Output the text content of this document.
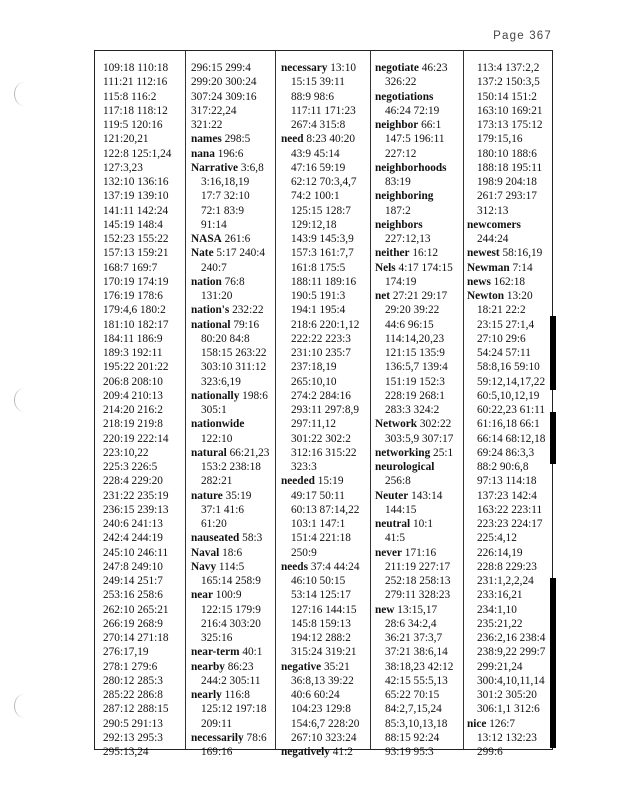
Page 367
109:18 110:18
111:21 112:16
115:8 116:2
117:18 118:12
119:5 120:16
121:20,21
122:8 125:1,24
127:3,23
132:10 136:16
137:19 139:10
141:11 142:24
145:19 148:4
152:23 155:22
157:13 159:21
168:7 169:7
170:19 174:19
176:19 178:6
179:4,6 180:2
181:10 182:17
184:11 186:9
189:3 192:11
195:22 201:22
206:8 208:10
209:4 210:13
214:20 216:2
218:19 219:8
220:19 222:14
223:10,22
225:3 226:5
228:4 229:20
231:22 235:19
236:15 239:13
240:6 241:13
242:4 244:19
245:10 246:11
247:8 249:10
249:14 251:7
253:16 258:6
262:10 265:21
266:19 268:9
270:14 271:18
276:17,19
278:1 279:6
280:12 285:3
285:22 286:8
287:12 288:15
290:5 291:13
292:13 295:3
295:13,24
296:15 299:4
299:20 300:24
307:24 309:16
317:22,24
321:22
names 298:5
nana 196:6
Narrative 3:6,8
3:16,18,19
17:7 32:10
72:1 83:9
91:14
NASA 261:6
Nate 5:17 240:4
240:7
nation 76:8
131:20
nation's 232:22
national 79:16
80:20 84:8
158:15 263:22
303:10 311:12
323:6,19
nationally 198:6
305:1
nationwide
122:10
natural 66:21,23
153:2 238:18
282:21
nature 35:19
37:1 41:6
61:20
nauseated 58:3
Naval 18:6
Navy 114:5
165:14 258:9
near 100:9
122:15 179:9
216:4 303:20
325:16
near-term 40:1
nearby 86:23
244:2 305:11
nearly 116:8
125:12 197:18
209:11
necessarily 78:6
169:16
necessary 13:10
15:15 39:11
88:9 98:6
117:11 171:23
267:4 315:8
need 8:23 40:20
43:9 45:14
47:16 59:19
62:12 70:3,4,7
74:2 100:1
125:15 128:7
129:12,18
143:9 145:3,9
157:3 161:7,7
161:8 175:5
188:11 189:16
190:5 191:3
194:1 195:4
218:6 220:1,12
222:22 223:3
231:10 235:7
237:18,19
265:10,10
274:2 284:16
293:11 297:8,9
297:11,12
301:22 302:2
312:16 315:22
323:3
needed 15:19
49:17 50:11
60:13 87:14,22
103:1 147:1
151:4 221:18
250:9
needs 37:4 44:24
46:10 50:15
53:14 125:17
127:16 144:15
145:8 159:13
194:12 288:2
315:24 319:21
negative 35:21
36:8,13 39:22
40:6 60:24
104:23 129:8
154:6,7 228:20
267:10 323:24
negatively 41:2
negotiate 46:23
326:22
negotiations
46:24 72:19
neighbor 66:1
147:5 196:11
227:12
neighborhoods
83:19
neighboring
187:2
neighbors
227:12,13
neither 16:12
Nels 4:17 174:15
174:19
net 27:21 29:17
29:20 39:22
44:6 96:15
114:14,20,23
121:15 135:9
136:5,7 139:4
151:19 152:3
228:19 268:1
283:3 324:2
Network 302:22
303:5,9 307:17
networking 25:1
neurological
256:8
Neuter 143:14
144:15
neutral 10:1
41:5
never 171:16
211:19 227:17
252:18 258:13
279:11 328:23
new 13:15,17
28:6 34:2,4
36:21 37:3,7
37:21 38:6,14
38:18,23 42:12
42:15 55:5,13
65:22 70:15
84:2,7,15,24
85:3,10,13,18
88:15 92:24
93:19 95:3
113:4 137:2,2
137:2 150:3,5
150:14 151:2
163:10 169:21
173:13 175:12
179:15,16
180:10 188:6
188:18 195:11
198:9 204:18
261:7 293:17
312:13
newcomers
244:24
newest 58:16,19
Newman 7:14
news 162:18
Newton 13:20
18:21 22:2
23:15 27:1,4
27:10 29:6
54:24 57:11
58:8,16 59:10
59:12,14,17,22
60:5,10,12,19
60:22,23 61:11
61:16,18 66:1
66:14 68:12,18
69:24 86:3,3
88:2 90:6,8
97:13 114:18
137:23 142:4
163:22 223:11
223:23 224:17
225:4,12
226:14,19
228:8 229:23
231:1,2,2,24
233:16,21
234:1,10
235:21,22
236:2,16 238:4
238:9,22 299:7
299:21,24
300:4,10,11,14
301:2 305:20
306:1,1 312:6
nice 126:7
13:12 132:23
299:6
